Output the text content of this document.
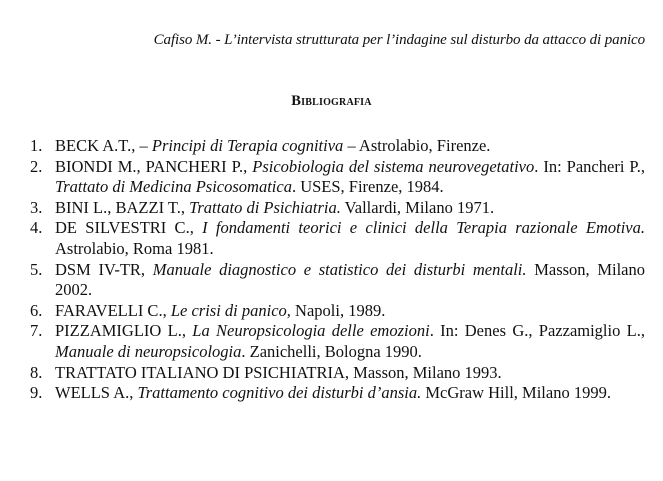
Cafiso M. - L’intervista strutturata per l’indagine sul disturbo da attacco di panico
Bibliografia
1. BECK A.T., – Principi di Terapia cognitiva – Astrolabio, Firenze.
2. BIONDI M., PANCHERI P., Psicobiologia del sistema neurovegetativo. In: Pancheri P., Trattato di Medicina Psicosomatica. USES, Firenze, 1984.
3. BINI L., BAZZI T., Trattato di Psichiatria. Vallardi, Milano 1971.
4. DE SILVESTRI C., I fondamenti teorici e clinici della Terapia razionale Emotiva. Astrolabio, Roma 1981.
5. DSM IV-TR, Manuale diagnostico e statistico dei disturbi mentali. Masson, Milano 2002.
6. FARAVELLI C., Le crisi di panico, Napoli, 1989.
7. PIZZAMIGLIO L., La Neuropsicologia delle emozioni. In: Denes G., Pazzamiglio L., Manuale di neuropsicologia. Zanichelli, Bologna 1990.
8. TRATTATO ITALIANO DI PSICHIATRIA, Masson, Milano 1993.
9. WELLS A., Trattamento cognitivo dei disturbi d’ansia. McGraw Hill, Milano 1999.
